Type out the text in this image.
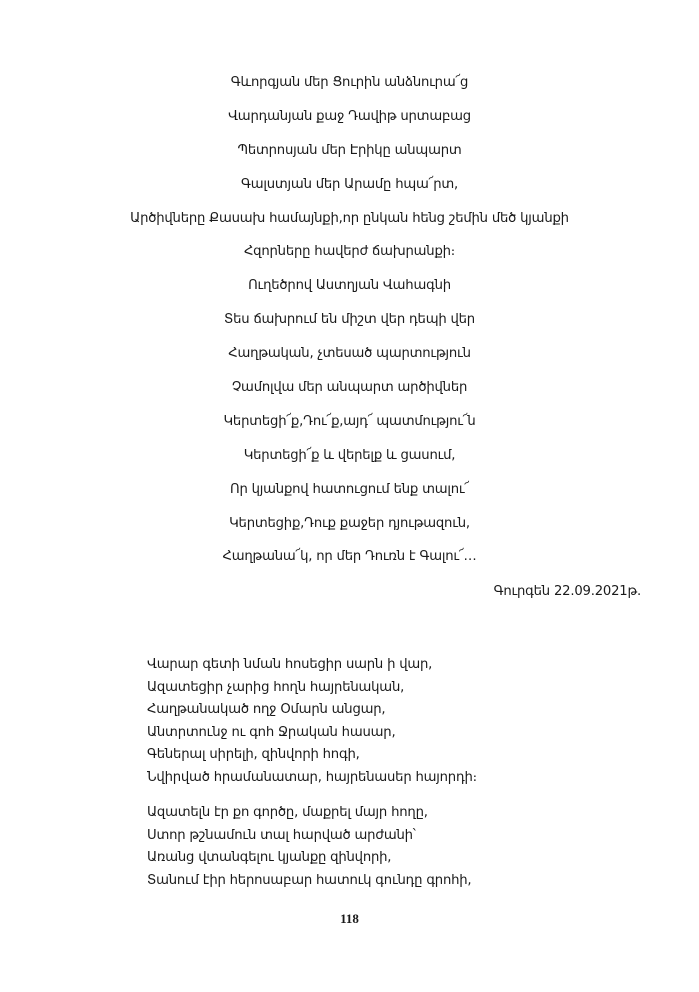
Գևորգյան մեր Ցուրին անձնուրա՜ց
Վարդանյան քաջ Դավիթ սրտաբաց
Պետրոսյան մեր Էրիկը անպարտ
Գալստյան մեր Արամը հպա՜րտ,
Արծիվները Քասախ համայնքի,որ ընկան հենց շեմին մեծ կյանքի
Հզորները հավերժ ճախրանքի։
Ուղեծրով Աստղյան Վահագնի
Տես ճախրում են միշտ վեր դեպի վեր
Հաղթական, չտեսած պարտություն
Չամոլվա մեր անպարտ արծիվներ
Կերտեցի՜ք,Դու՜ք,այդ՜ պատմությու՜ն
Կերտեցի՜ք և վերելք և ցասում,
Որ կյանքով հատուցում ենք տալու՜
Կերտեցիք,Դուք քաջեր դյութազուն,
Հաղթանա՜կ, որ մեր Դուռն է Գալու՜…
Գուրգեն 22.09.2021թ.
Վարար գետի նման հոսեցիր սարն ի վար,
Ազատեցիր չարից հողն հայրենական,
Հաղթանակած ողջ Օմարն անցար,
Անտրտունջ ու գոհ Ջրական հասար,
Գեներալ սիրելի, զինվորի հոգի,
Նվիրված հրամանատար, հայրենասեր հայորդի։
Ազատելն էր քո գործը, մաքրել մայր հողը,
Ստոր թշնամուն տալ հարված արժանի՝
Առանց վտանգելու կյանքը զինվորի,
Տանում էիր հերոսաբար հատուկ գունդը գրոհի,
118
